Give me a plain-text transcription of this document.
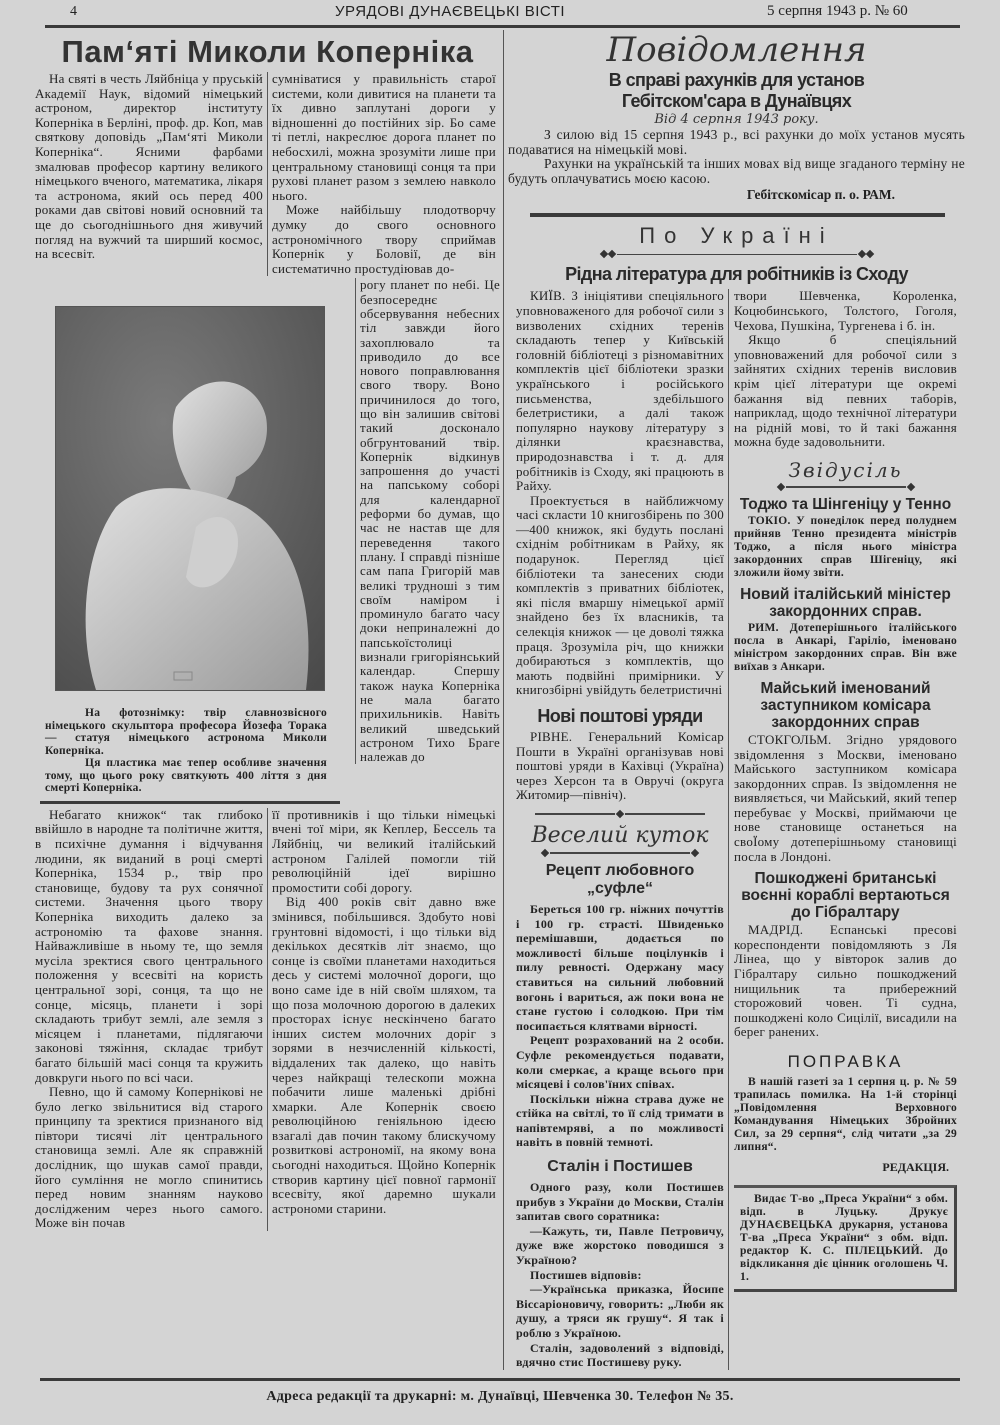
4	УРЯДОВІ ДУНАЄВЕЦЬКІ ВІСТІ	5 серпня 1943 р. № 60
Пам‘яті Миколи Коперніка

На святі в честь Ляйбніца у пруській Академії Наук, відомий німецький астроном, директор інституту Коперніка в Берліні, проф. др. Коп, мав святкову доповідь „Пам‘яті Миколи Коперніка“. Ясними фарбами змалював професор картину великого німецького вченого, математика, лікаря та астронома, який ось перед 400 роками дав світові новий основний та ще до сьогоднішнього дня живучий погляд на вужчий та ширший космос, на всесвіт.

сумніватися у правильність старої системи, коли дивитися на планети та їх дивно заплутані дороги у відношенні до постійних зір. Бо саме ті петлі, накреслює дорога планет по небосхилі, можна зрозуміти лише при центральному становищі сонця та при руховi планет разом з землею навколо нього.

Може найбільшу плодотворчу думку до свого основного астрономічного твору сприймав Копернік у Боловії, де він систематично простудіював до-

На фотознімку: твір славнозвісного німецького скульптора професора Йозефа Торака — статуя німецького астронома Миколи Коперніка.

Ця пластика має тепер особливе значення тому, що цього року святкують 400 ліття з дня смерті Коперніка.

рогу планет по небі. Це безпосереднє обсервування небесних тіл завжди його захоплювало та приводило до все нового поправлювання свого твору. Воно причинилося до того, що він залишив світові такий досконало обгрунтований твір. Копернік відкинув запрошення до участі на папському соборі для календарної реформи бо думав, що час не настав ще для переведення такого плану. І справді пізніше сам папа Григорій мав великі трудноші з тим своїм наміром і проминуло багато часу доки неприналежні до папськоїстолиці визнали григоріянський календар. Спершу також наука Коперніка не мала багато прихильників. Навіть великий шведський астроном Тихо Браге належав до

Небагато книжок“ так глибоко ввійшло в народне та політичне життя, в психічне думання і відчування людини, як виданий в році смерті Коперніка, 1534 р., твір про становище, будову та рух сонячної системи. Значення цього твору Коперніка виходить далеко за астрономію та фахове знання. Найважливіше в ньому те, що земля мусіла зректися свого центрального положення у всесвіті на користь центральної зорі, сонця, та що не сонце, місяць, планети і зорі складають трибут землі, але земля з місяцем і планетами, підлягаючи законові тяжіння, складає трибут багато більшій масі сонця та кружить довкруги нього по всі часи.

Певно, що й самому Коперніковi не було легко звільнитися від старого принципу та зректися признаного від півтори тисячі літ центрального становища землі. Але як справжній дослідник, що шукав самої правди, його сумління не могло спинитись перед новим знанням науково дослідженим через нього самого. Може він почав

її противників і що тільки німецькі вчені тої міри, як Кеплер, Бессель та Ляйбніц, чи великий італійський астроном Галілей помогли тій революційній ідеї вирішно промостити собі дорогу.

Від 400 років світ давно вже змінився, побільшився. Здобуто нові грунтовні відомості, і що тільки від декількох десятків літ знаємо, що сонце із своїми планетами находиться десь у системі молочної дороги, що воно саме іде в ній своїм шляхом, та що поза молочною дорогою в далеких просторах існує нескінчено багато інших систем молочних доріг з зорями в незчисленній кількості, віддалених так далеко, що навіть через найкращі телескопи можна побачити лише маленькі дрібні хмарки. Але Копернік своєю революційною геніяльною ідеєю взагалі дав почин такому блискучому розвиткові астрономії, на якому вона сьогодні находиться. Щойно Копернік створив картину цієї повної гармонії всесвіту, якої даремно шукали астрономи старини.

Повідомлення
В справі рахунків для установ Гебітском'сара в Дунаївцях
Від 4 серпня 1943 року.

З силою від 15 серпня 1943 р., всі рахунки до моїх установ мусять подаватися на німецькій мові.

Рахунки на українській та інших мовах від вище згаданого терміну не будуть оплачуватись моєю касою.

Гебітскомісар п. о. РАМ.
По Україні
Рідна література для робітників із Сходу

КИЇВ. З ініціятиви спеціяльного уповноваженого для робочої сили з визволених східних теренів складають тепер у Київській головній бібліотеці з різномавітних комплектів цієї бібліотеки зразки українського і російського письменства, здебільшого белетристики, а далі також популярно наукову літературу з ділянки краєзнавства, природознавства і т. д. для робітників із Сходу, які працюють в Райху.

Проектується в найближчому часі скласти 10 книгозбірень по 300—400 книжок, які будуть послані східнім робітникам в Райху, як подарунок. Перегляд цієї бібліотеки та занесених сюди комплектів з приватних бібліотек, які після вмаршу німецької армії знайдено без їх власників, та селекція книжок — це доволі тяжка праця. Зрозуміла річ, що книжки добираються з комплектів, що мають подвійні примірники. У книгозбірні увійдуть белетристичні

Нові поштові уряди

РІВНЕ. Генеральний Комісар Пошти в Україні організував нові поштові уряди в Кахівці (Україна) через Херсон та в Овручі (округа Житомир—північ).

Веселий куток
Рецепт любовного „суфле“

Береться 100 гр. ніжних почуттів і 100 гр. страсті. Швиденько перемішавши, додається по можливості більше поцілунків і пилу ревності. Одержану масу ставиться на сильний любовний вогонь і вариться, аж поки вона не стане густою і солодкою. При тім посипається клятвами вірності.

Рецепт розрахований на 2 особи. Суфле рекомендується подавати, коли смеркає, а краще всього при місяцеві і солов'їних співах.

Поскільки ніжна страва дуже не стійка на світлі, то її слід тримати в напівтемряві, а по можливості навіть в повній темноті.

Сталін і Постишев

Одного разу, коли Постишев прибув з України до Москви, Сталін запитав свого соратника:

—Кажуть, ти, Павле Петровичу, дуже вже жорстоко поводишся з Україною?

Постишев відповів:

—Українська приказка, Йосипе Віссаріоновичу, говорить: „Люби як душу, а тряси як грушу“. Я так і роблю з Україною.

Сталін, задоволений з відповіді, вдячно стис Постишеву руку.

твори Шевченка, Короленка, Коцюбинського, Толстого, Гоголя, Чехова, Пушкіна, Тургенева і б. ін.

Якщо б спеціяльний уповноважений для робочої сили з зайнятих східних теренів висловив крім цієї літератури ще окремі бажання від певних таборів, наприклад, щодо технічної літератури на рідній мові, то й такі бажання можна буде задовольнити.

Звідусіль
Тоджо та Шінгеніцу у Тенно

ТОКІО. У понеділок перед полуднем прийняв Тенно президента міністрів Тоджо, а після нього міністра закордонних справ Шігеніцу, які зложили йому звіти.

Новий італійський міністер закордонних справ.

РИМ. Дотеперішнього італійського посла в Анкарі, Гаріліо, іменовано міністром закордонних справ. Він вже виїхав з Анкари.

Майський іменований заступником комісара закордонних справ

СТОКГОЛЬМ. Згідно урядового звідомлення з Москви, іменовано Майського заступником комісара закордонних справ. Із звідомлення не виявляється, чи Майський, який тепер перебуває у Москві, приймаючи це нове становище останеться на своЇому дотеперішньому становищі посла в Лондоні.

Пошкоджені британські воєнні кораблі вертаються до Гібралтару

МАДРІД. Еспанські пресові кореспонденти повідомляють з Ля Лінеа, що у вівторок залив до Гібралтару сильно пошкоджений нищильник та прибережний сторожовий човен. Ті судна, пошкоджені коло Сицілії, висадили на берег ранених.

ПОПРАВКА

В нашій газеті за 1 серпня ц. р. № 59 трапилась помилка. На 1-й сторінці „Повідомлення Верховного Командування Німецьких Збройних Сил, за 29 серпня“, слід читати „за 29 липня“.

РЕДАКЦІЯ.

Видає Т-во „Преса України“ з обм. відп. в Луцьку. Друкує ДУНАЄВЕЦЬКА друкарня, установа Т-ва „Преса України“ з обм. відп. редактор К. С. ПІЛЕЦЬКИЙ. До відкликання діє цінник оголошень Ч. 1.

Адреса редакції та друкарні: м. Дунаївці, Шевченка 30. Телефон № 35.
